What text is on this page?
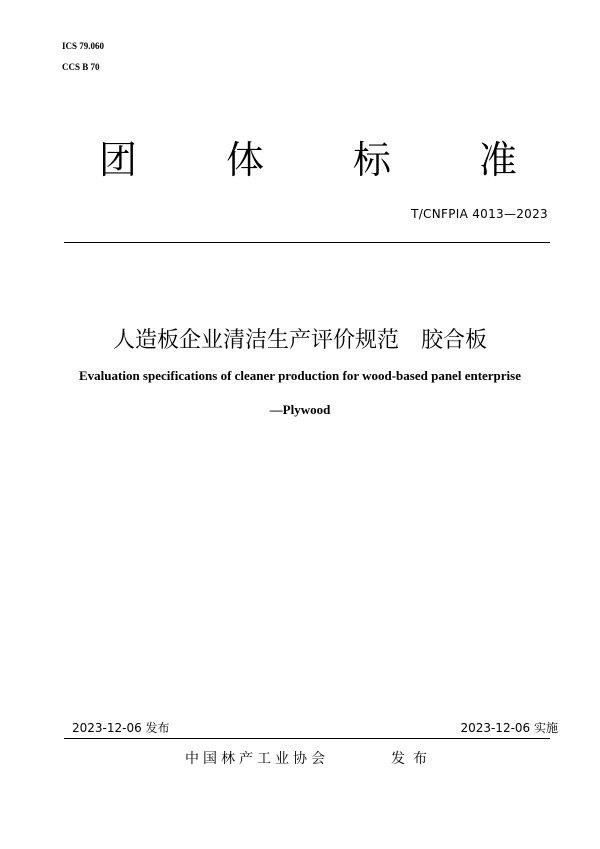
ICS 79.060
CCS B 70
团 体 标 准
T/CNFPIA 4013—2023
人造板企业清洁生产评价规范 胶合板
Evaluation specifications of cleaner production for wood-based panel enterprise
—Plywood
2023-12-06 发布	2023-12-06 实施
中国林产工业协会	发布
